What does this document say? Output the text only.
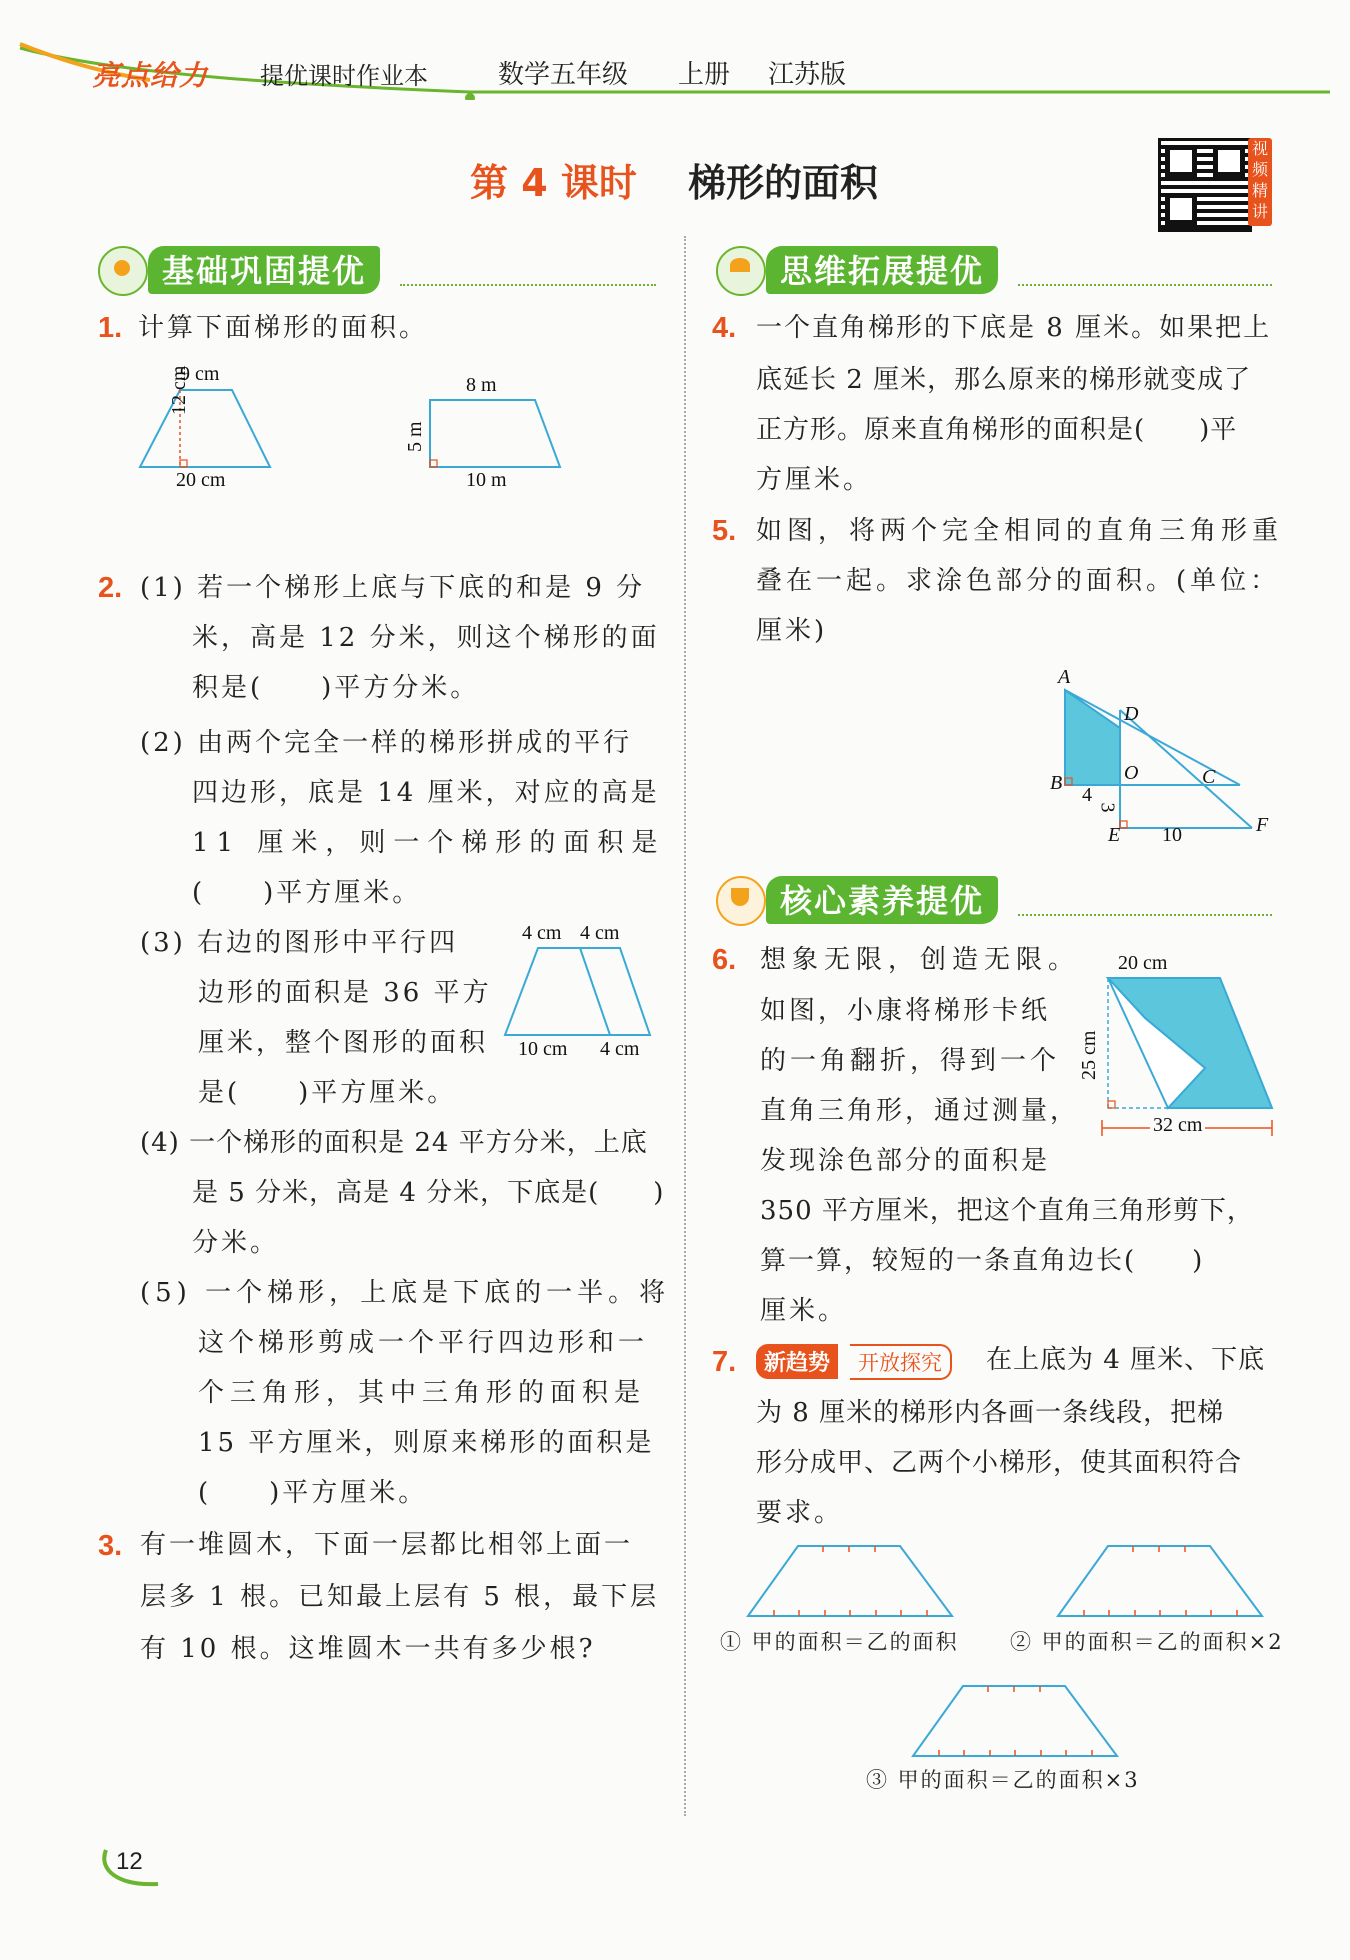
亮点给力 提优课时作业本	数学五年级 上册 江苏版
第 4 课时 梯形的面积
视频精讲
基础巩固提优
1. 计算下面梯形的面积。
9 cm
12 cm
20 cm
8 m
5 m
10 m
2. (1) 若一个梯形上底与下底的和是 9 分
米，高是 12 分米，则这个梯形的面
积是(　　)平方分米。
(2) 由两个完全一样的梯形拼成的平行
四边形，底是 14 厘米，对应的高是
11 厘米，则一个梯形的面积是
(　　)平方厘米。
(3) 右边的图形中平行四
边形的面积是 36 平方
厘米，整个图形的面积
是(　　)平方厘米。
4 cm 4 cm
10 cm 4 cm
(4) 一个梯形的面积是 24 平方分米，上底
是 5 分米，高是 4 分米，下底是(　　)
分米。
(5) 一个梯形，上底是下底的一半。将
这个梯形剪成一个平行四边形和一
个三角形，其中三角形的面积是
15 平方厘米，则原来梯形的面积是
(　　)平方厘米。
3. 有一堆圆木，下面一层都比相邻上面一
层多 1 根。已知最上层有 5 根，最下层
有 10 根。这堆圆木一共有多少根?
思维拓展提优
4. 一个直角梯形的下底是 8 厘米。如果把上
底延长 2 厘米，那么原来的梯形就变成了
正方形。原来直角梯形的面积是(　　)平
方厘米。
5. 如图，将两个完全相同的直角三角形重
叠在一起。求涂色部分的面积。(单位：
厘米)
A
D
O	C
B
4
3
E 10	F
核心素养提优
6. 想象无限，创造无限。
如图，小康将梯形卡纸
的一角翻折，得到一个
直角三角形，通过测量，
发现涂色部分的面积是
350 平方厘米，把这个直角三角形剪下，
算一算，较短的一条直角边长(　　)
厘米。
20 cm
25 cm
32 cm
7.	新趋势	开放探究	在上底为 4 厘米、下底
为 8 厘米的梯形内各画一条线段，把梯
形分成甲、乙两个小梯形，使其面积符合
要求。
① 甲的面积＝乙的面积 ② 甲的面积＝乙的面积×2
③ 甲的面积＝乙的面积×3
12
